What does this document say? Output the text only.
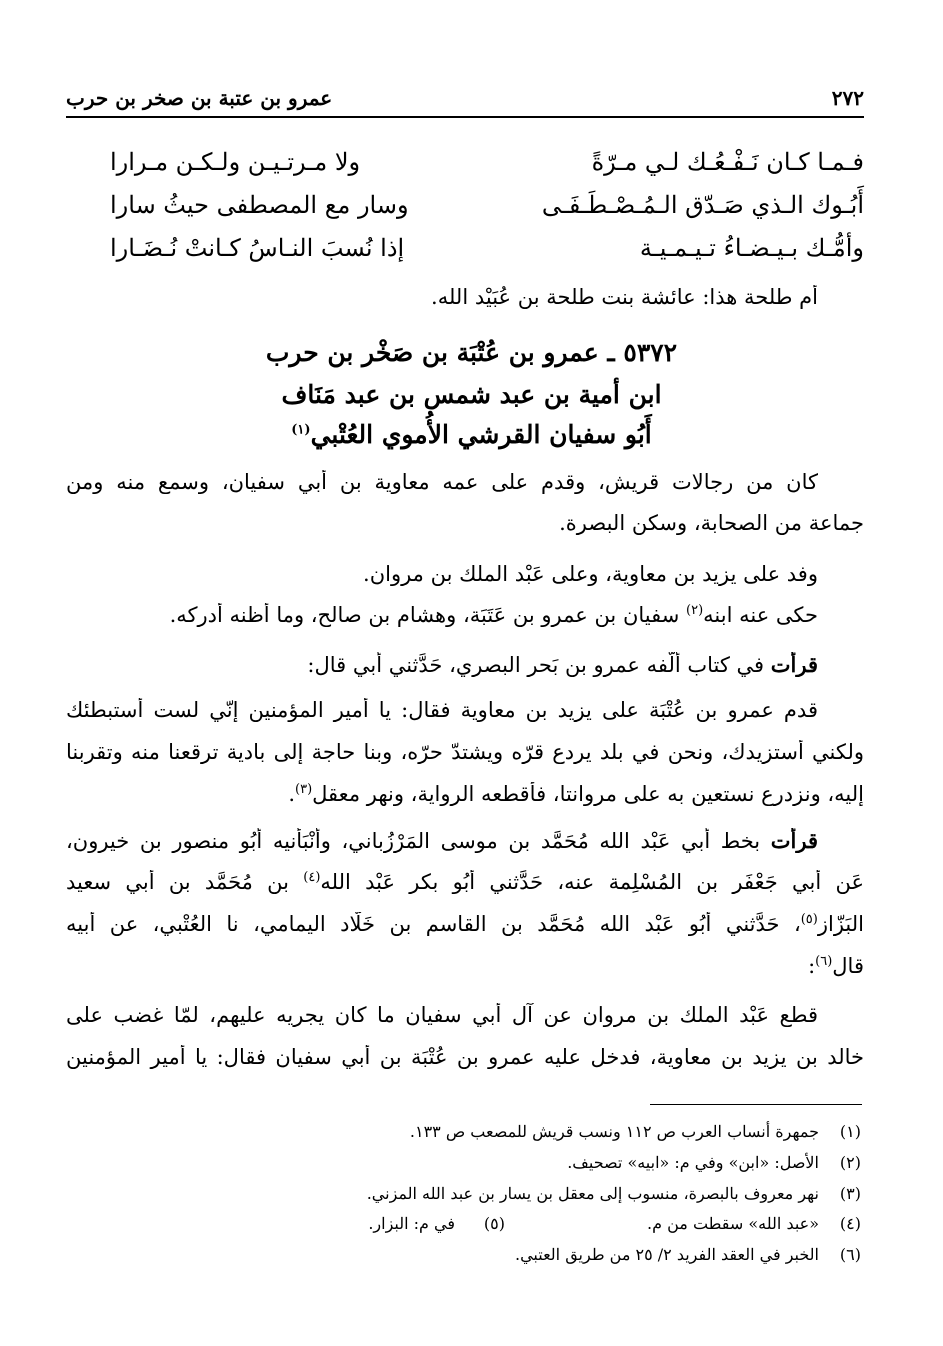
٢٧٢
عمرو بن عتبة بن صخر بن حرب
فـمـا كـان نَـفْـعُـك لـي مـرّةً
ولا مـرتـيـن ولـكـن مـرارا
أَبُـوك الـذي صَـدّق الـمُـصْـطَـفَـى
وسار مع المصطفى حيثُ سارا
وأمُّـك بـيـضـاءُ تـيـمـيـة
إذا نُسبَ النـاسُ كـانتْ نُـضَـارا
أم طلحة هذا: عائشة بنت طلحة بن عُبَيْد الله.
٥٣٧٢ ـ عمرو بن عُتْبَة بن صَخْر بن حرب
ابن أمية بن عبد شمس بن عبد مَنَاف
أَبُو سفيان القرشي الأُموي العُتْبي$^{(١)}$
كان من رجالات قريش، وقدم على عمه معاوية بن أبي سفيان، وسمع منه ومن
جماعة من الصحابة، وسكن البصرة.
وفد على يزيد بن معاوية، وعلى عَبْد الملك بن مروان.
حكى عنه ابنه$^{(٢)}$ سفيان بن عمرو بن عَتَبَة، وهشام بن صالح، وما أظنه أدركه.
قرأت في كتاب أَلّفه عمرو بن بَحر البصري، حَدَّثني أَبي قال:
قدم عمرو بن عُتْبَة على يزيد بن معاوية فقال: يا أمير المؤمنين إنّي لست أستبطئك
ولكني أستزيدك، ونحن في بلد يردع قرّه ويشتدّ حرّه، وبنا حاجة إلى بادية ترقعنا منه وتقربنا
إليه، ونزدرع نستعين به على مروانتا، فأقطعه الرواية، ونهر معقل$^{(٣)}$.
قرأت بخط أَبي عَبْد الله مُحَمَّد بن موسى المَرْزُباني، وأَنْبَأنيه أَبُو منصور بن خيرون،
عَن أَبي جَعْفَر بن المُسْلِمة عنه، حَدَّثني أَبُو بكر عَبْد الله$^{(٤)}$ بن مُحَمَّد بن أَبي سعيد
البَزّاز$^{(٥)}$، حَدَّثني أَبُو عَبْد الله مُحَمَّد بن القاسم بن خَلّاد اليمامي، نا العُتْبي، عن أَبيه
قال$^{(٦)}$:
قطع عَبْد الملك بن مروان عن آل أَبي سفيان ما كان يجريه عليهم، لمّا غضب على
خالد بن يزيد بن معاوية، فدخل عليه عمرو بن عُتْبَة بن أَبي سفيان فقال: يا أمير المؤمنين
(١)
جمهرة أنساب العرب ص ١١٢ ونسب قريش للمصعب ص ١٣٣.
(٢)
الأصل: «ابن» وفي م: «ابيه» تصحيف.
(٣)
نهر معروف بالبصرة، منسوب إلى معقل بن يسار بن عبد الله المزني.
(٤)
«عبد الله» سقطت من م.
(٥)
في م: البزار.
(٦)
الخبر في العقد الفريد ٢/ ٢٥ من طريق العتبي.
